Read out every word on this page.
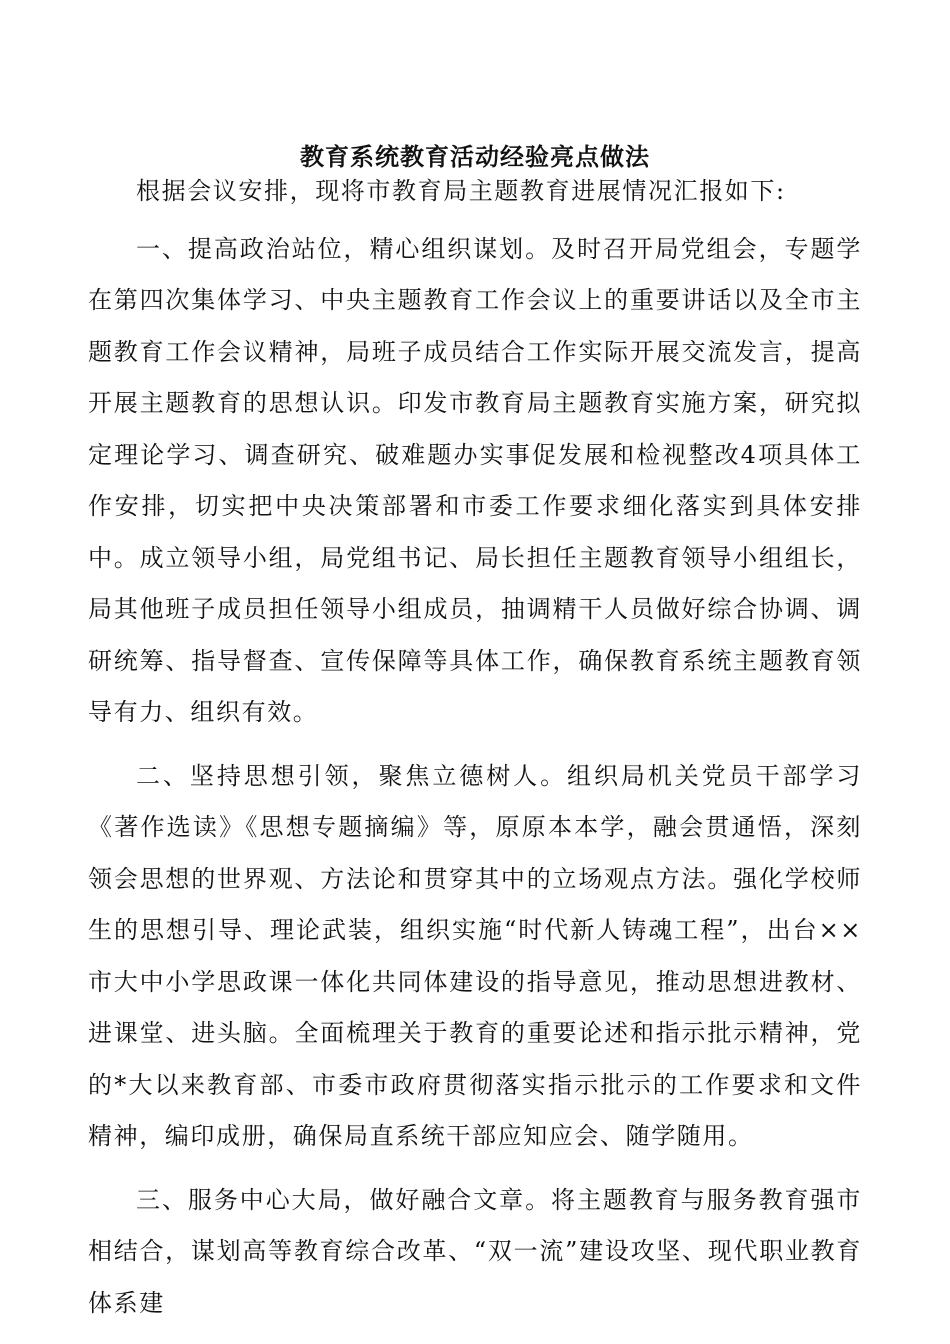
教育系统教育活动经验亮点做法

根据会议安排，现将市教育局主题教育进展情况汇报如下:

一、提高政治站位，精心组织谋划。及时召开局党组会，专题学在第四次集体学习、中央主题教育工作会议上的重要讲话以及全市主题教育工作会议精神，局班子成员结合工作实际开展交流发言，提高开展主题教育的思想认识。印发市教育局主题教育实施方案，研究拟定理论学习、调查研究、破难题办实事促发展和检视整改4项具体工作安排，切实把中央决策部署和市委工作要求细化落实到具体安排中。成立领导小组，局党组书记、局长担任主题教育领导小组组长，局其他班子成员担任领导小组成员，抽调精干人员做好综合协调、调研统筹、指导督查、宣传保障等具体工作，确保教育系统主题教育领导有力、组织有效。

二、坚持思想引领，聚焦立德树人。组织局机关党员干部学习《著作选读》《思想专题摘编》等，原原本本学，融会贯通悟，深刻领会思想的世界观、方法论和贯穿其中的立场观点方法。强化学校师生的思想引导、理论武装，组织实施“时代新人铸魂工程”，出台××市大中小学思政课一体化共同体建设的指导意见，推动思想进教材、进课堂、进头脑。全面梳理关于教育的重要论述和指示批示精神，党的*大以来教育部、市委市政府贯彻落实指示批示的工作要求和文件精神，编印成册，确保局直系统干部应知应会、随学随用。

三、服务中心大局，做好融合文章。将主题教育与服务教育强市相结合，谋划高等教育综合改革、“双一流”建设攻坚、现代职业教育体系建
